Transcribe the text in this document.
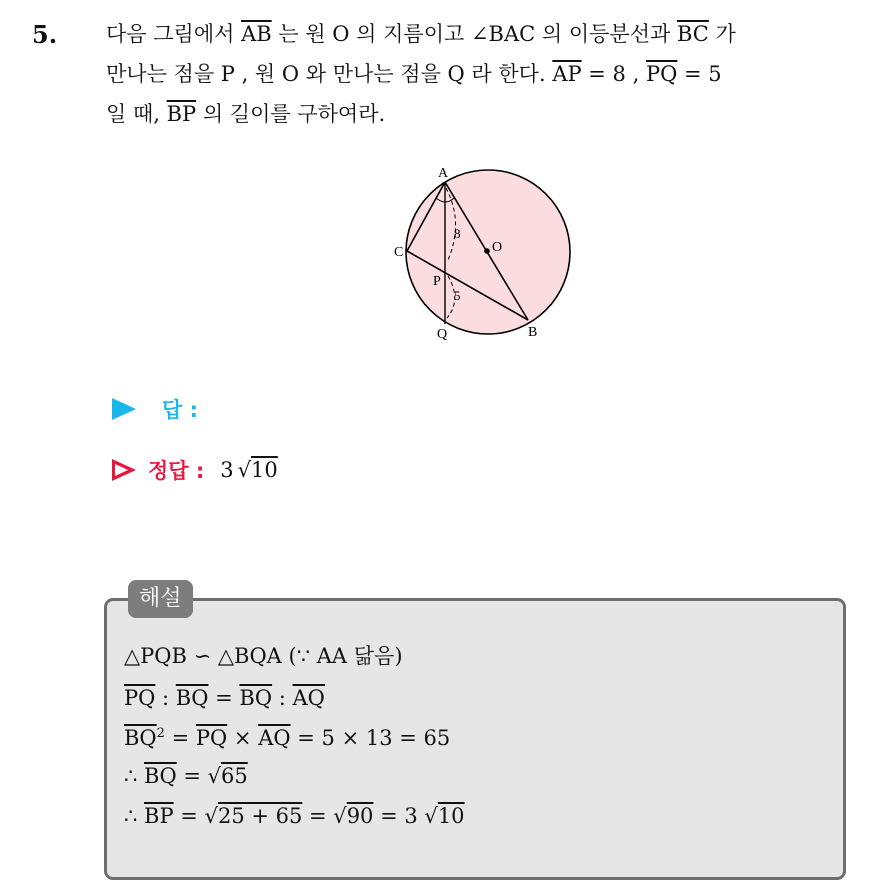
5. 다음 그림에서 $\overline{AB}$ 는 원 O 의 지름이고 ∠BAC 의 이등분선과 $\overline{BC}$ 가
만나는 점을 P , 원 O 와 만나는 점을 Q 라 한다. $\overline{AP} = 8$ , $\overline{PQ} = 5$
일 때, $\overline{BP}$ 의 길이를 구하여라.
A
C	O
P
Q	B
8
5
답 :
정답 : 3 √ 10
해설
△PQB ∽ △BQA (∵ AA 닮음)
$\overline{PQ}$ : $\overline{BQ} = \overline{BQ}$ : $\overline{AQ}$
$\overline{BQ}^2 = \overline{PQ} \times \overline{AQ} = 5 \times 13 = 65$
∴ $\overline{BQ} = √65$
∴ $\overline{BP} = √25 + 65 = √90 = 3$ √10
